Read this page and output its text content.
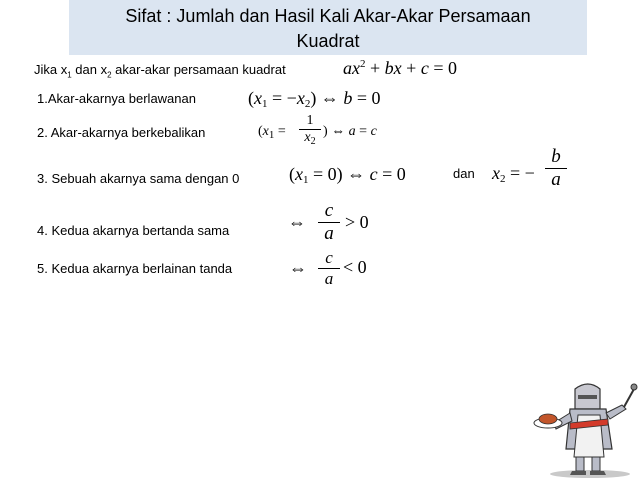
Sifat : Jumlah dan Hasil Kali Akar-Akar Persamaan
Kuadrat
Jika $x_1$ dan $x_2$ akar-akar persamaan kuadrat	$ax^2$ + bx + c = 0
1.Akar-akarnya berlawanan	$(x_1 = -x_2)$ ⇔ b = 0
2. Akar-akarnya berkebalikan	($x_1 = \frac{1}{x_2}$ ) ⇔ a = c
3. Sebuah akarnya sama dengan 0	$(x_1 = 0)$ ⇔ c = 0	dan $x_2$ = − $\frac{b}{a}$
4. Kedua akarnya bertanda sama	⇔ $\frac{c}{a} > 0$
5. Kedua akarnya berlainan tanda	⇔ $\frac{c}{a} < 0$
